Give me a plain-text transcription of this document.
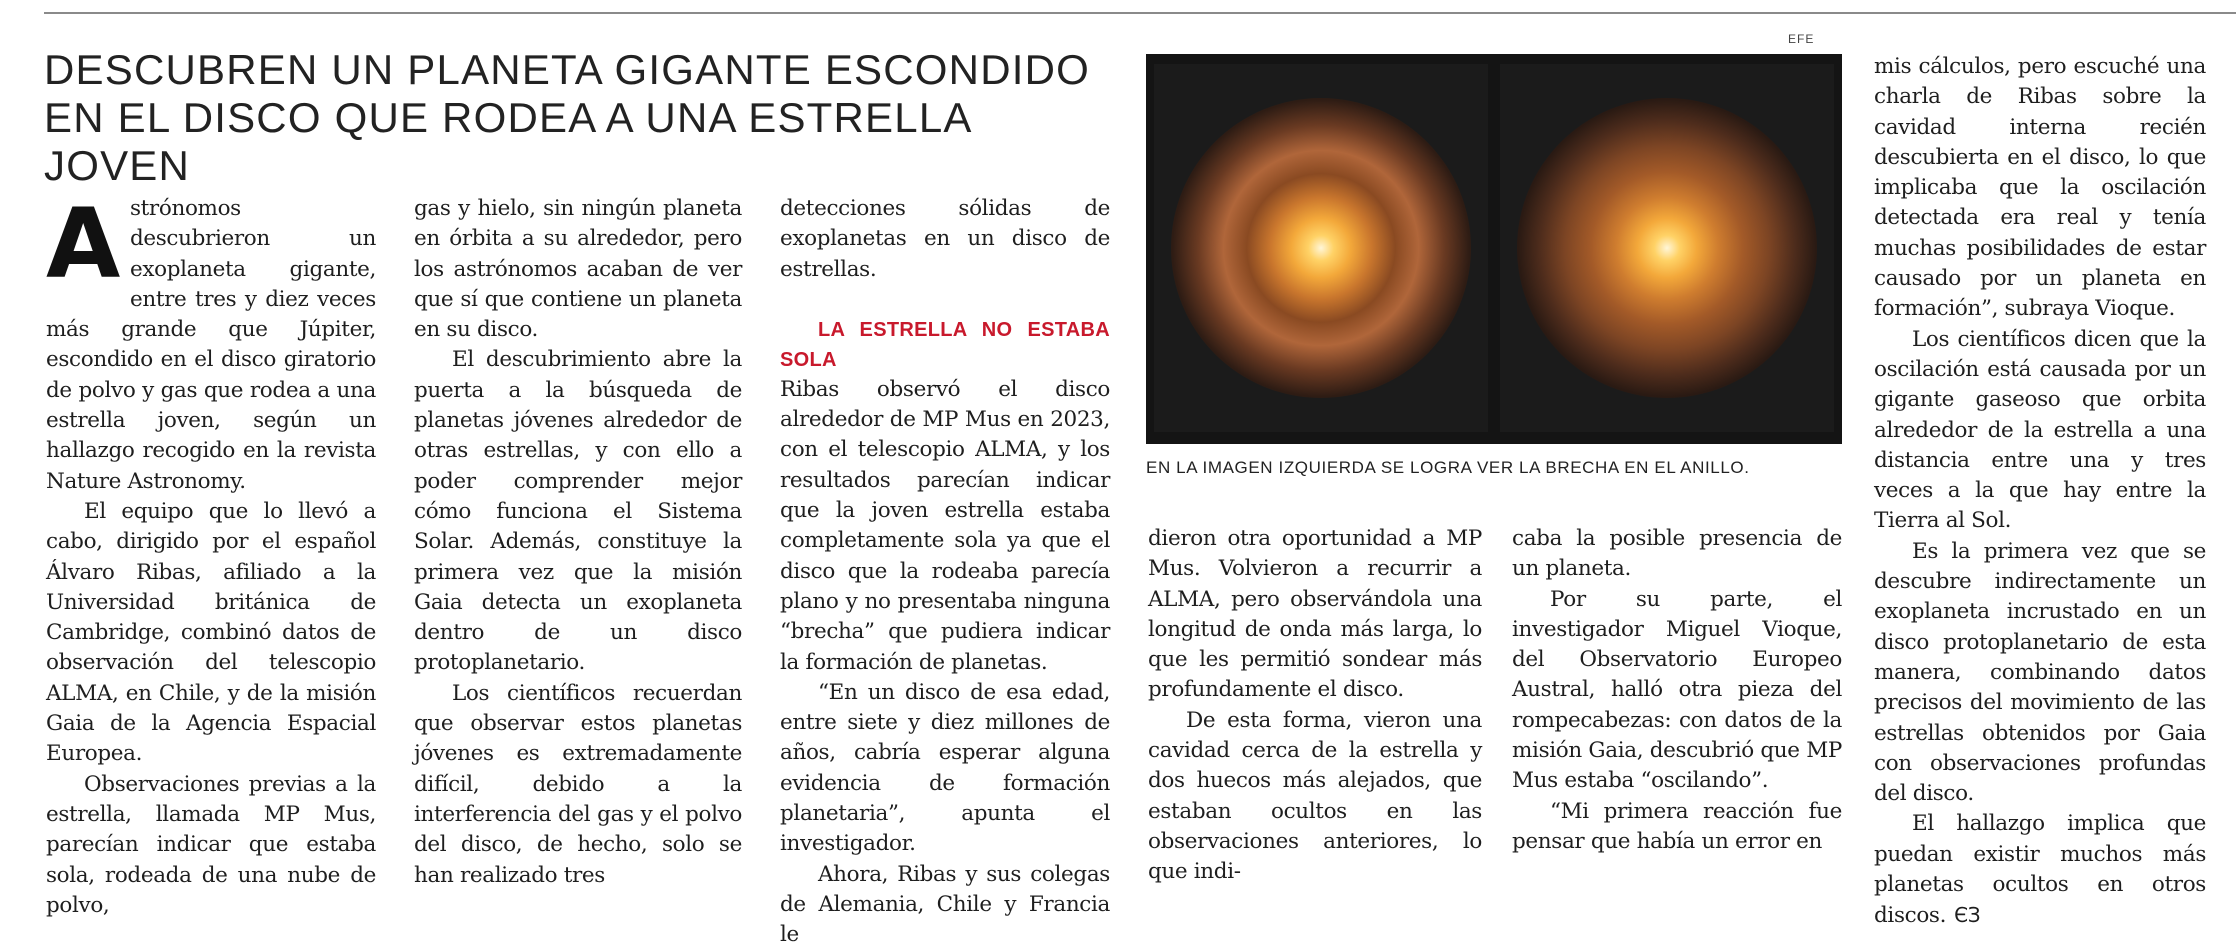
DESCUBREN UN PLANETA GIGANTE ESCONDIDO EN EL DISCO QUE RODEA A UNA ESTRELLA JOVEN

Astrónomos descubrieron un exoplaneta gigante, entre tres y diez veces más grande que Júpiter, escondido en el disco giratorio de polvo y gas que rodea a una estrella joven, según un hallazgo recogido en la revista Nature Astronomy.

El equipo que lo llevó a cabo, dirigido por el español Álvaro Ribas, afiliado a la Universidad británica de Cambridge, combinó datos de observación del telescopio ALMA, en Chile, y de la misión Gaia de la Agencia Espacial Europea.

Observaciones previas a la estrella, llamada MP Mus, parecían indicar que estaba sola, rodeada de una nube de polvo,

gas y hielo, sin ningún planeta en órbita a su alrededor, pero los astrónomos acaban de ver que sí que contiene un planeta en su disco.

El descubrimiento abre la puerta a la búsqueda de planetas jóvenes alrededor de otras estrellas, y con ello a poder comprender mejor cómo funciona el Sistema Solar. Además, constituye la primera vez que la misión Gaia detecta un exoplaneta dentro de un disco protoplanetario.

Los científicos recuerdan que observar estos planetas jóvenes es extremadamente difícil, debido a la interferencia del gas y el polvo del disco, de hecho, solo se han realizado tres

detecciones sólidas de exoplanetas en un disco de estrellas.

LA ESTRELLA NO ESTABA SOLA

Ribas observó el disco alrededor de MP Mus en 2023, con el telescopio ALMA, y los resultados parecían indicar que la joven estrella estaba completamente sola ya que el disco que la rodeaba parecía plano y no presentaba ninguna “brecha” que pudiera indicar la formación de planetas.

“En un disco de esa edad, entre siete y diez millones de años, cabría esperar alguna evidencia de formación planetaria”, apunta el investigador.

Ahora, Ribas y sus colegas de Alemania, Chile y Francia le

EFE
EN LA IMAGEN IZQUIERDA SE LOGRA VER LA BRECHA EN EL ANILLO.

dieron otra oportunidad a MP Mus. Volvieron a recurrir a ALMA, pero observándola una longitud de onda más larga, lo que les permitió sondear más profundamente el disco.

De esta forma, vieron una cavidad cerca de la estrella y dos huecos más alejados, que estaban ocultos en las observaciones anteriores, lo que indi-

caba la posible presencia de un planeta.

Por su parte, el investigador Miguel Vioque, del Observatorio Europeo Austral, halló otra pieza del rompecabezas: con datos de la misión Gaia, descubrió que MP Mus estaba “oscilando”.

“Mi primera reacción fue pensar que había un error en

mis cálculos, pero escuché una charla de Ribas sobre la cavidad interna recién descubierta en el disco, lo que implicaba que la oscilación detectada era real y tenía muchas posibilidades de estar causado por un planeta en formación”, subraya Vioque.

Los científicos dicen que la oscilación está causada por un gigante gaseoso que orbita alrededor de la estrella a una distancia entre una y tres veces a la que hay entre la Tierra al Sol.

Es la primera vez que se descubre indirectamente un exoplaneta incrustado en un disco protoplanetario de esta manera, combinando datos precisos del movimiento de las estrellas obtenidos por Gaia con observaciones profundas del disco.

El hallazgo implica que puedan existir muchos más planetas ocultos en otros discos. ЄЗ
